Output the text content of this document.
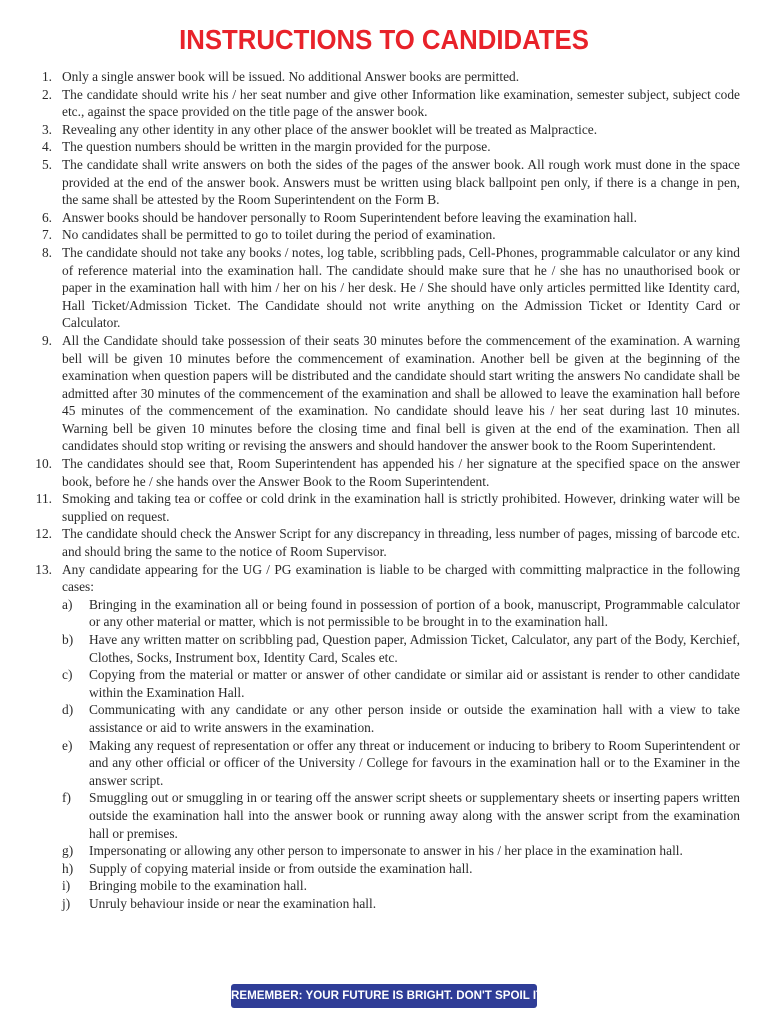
INSTRUCTIONS TO CANDIDATES
1. Only a single answer book will be issued. No additional Answer books are permitted.
2. The candidate should write his / her seat number and give other Information like examination, semester subject, subject code etc., against the space provided on the title page of the answer book.
3. Revealing any other identity in any other place of the answer booklet will be treated as Malpractice.
4. The question numbers should be written in the margin provided for the purpose.
5. The candidate shall write answers on both the sides of the pages of the answer book. All rough work must done in the space provided at the end of the answer book. Answers must be written using black ballpoint pen only, if there is a change in pen, the same shall be attested by the Room Superintendent on the Form B.
6. Answer books should be handover personally to Room Superintendent before leaving the examination hall.
7. No candidates shall be permitted to go to toilet during the period of examination.
8. The candidate should not take any books / notes, log table, scribbling pads, Cell-Phones, programmable calculator or any kind of reference material into the examination hall. The candidate should make sure that he / she has no unauthorised book or paper in the examination hall with him / her on his / her desk. He / She should have only articles permitted like Identity card, Hall Ticket/Admission Ticket. The Candidate should not write anything on the Admission Ticket or Identity Card or Calculator.
9. All the Candidate should take possession of their seats 30 minutes before the commencement of the examination. A warning bell will be given 10 minutes before the commencement of examination. Another bell be given at the beginning of the examination when question papers will be distributed and the candidate should start writing the answers No candidate shall be admitted after 30 minutes of the commencement of the examination and shall be allowed to leave the examination hall before 45 minutes of the commencement of the examination. No candidate should leave his / her seat during last 10 minutes. Warning bell be given 10 minutes before the closing time and final bell is given at the end of the examination. Then all candidates should stop writing or revising the answers and should handover the answer book to the Room Superintendent.
10. The candidates should see that, Room Superintendent has appended his / her signature at the specified space on the answer book, before he / she hands over the Answer Book to the Room Superintendent.
11. Smoking and taking tea or coffee or cold drink in the examination hall is strictly prohibited. However, drinking water will be supplied on request.
12. The candidate should check the Answer Script for any discrepancy in threading, less number of pages, missing of barcode etc. and should bring the same to the notice of Room Supervisor.
13. Any candidate appearing for the UG / PG examination is liable to be charged with committing malpractice in the following cases:
a) Bringing in the examination all or being found in possession of portion of a book, manuscript, Programmable calculator or any other material or matter, which is not permissible to be brought in to the examination hall.
b) Have any written matter on scribbling pad, Question paper, Admission Ticket, Calculator, any part of the Body, Kerchief, Clothes, Socks, Instrument box, Identity Card, Scales etc.
c) Copying from the material or matter or answer of other candidate or similar aid or assistant is render to other candidate within the Examination Hall.
d) Communicating with any candidate or any other person inside or outside the examination hall with a view to take assistance or aid to write answers in the examination.
e) Making any request of representation or offer any threat or inducement or inducing to bribery to Room Superintendent or and any other official or officer of the University / College for favours in the examination hall or to the Examiner in the answer script.
f) Smuggling out or smuggling in or tearing off the answer script sheets or supplementary sheets or inserting papers written outside the examination hall into the answer book or running away along with the answer script from the examination hall or premises.
g) Impersonating or allowing any other person to impersonate to answer in his / her place in the examination hall.
h) Supply of copying material inside or from outside the examination hall.
i) Bringing mobile to the examination hall.
j) Unruly behaviour inside or near the examination hall.
REMEMBER: YOUR FUTURE IS BRIGHT. DON'T SPOIL IT
